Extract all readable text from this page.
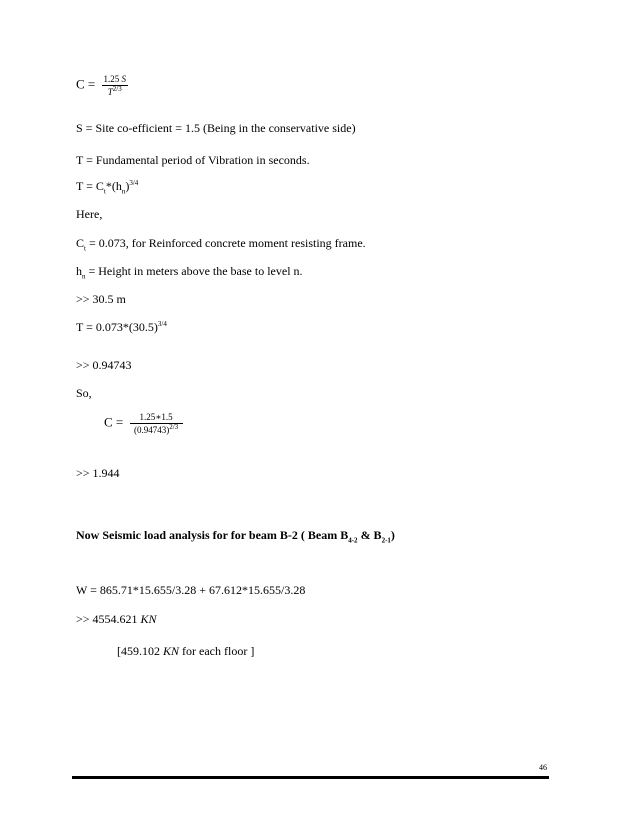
$C = \frac{1.25 S}{T^{2/3}}$
S = Site co-efficient = 1.5 (Being in the conservative side)
T = Fundamental period of Vibration in seconds.
$T = C_t*(h_n)^{3/4}$
Here,
$C_t = 0.073$, for Reinforced concrete moment resisting frame.
$h_n$ = Height in meters above the base to level n.
>> 30.5 m
$T = 0.073*(30.5)^{3/4}$
>> 0.94743
So,
$C = \frac{1.25∗1.5}{(0.94743)^{2/3}}$
>> 1.944
Now Seismic load analysis for for beam B-2 ( Beam $B_{4-2}$ & $B_{2-1}$)
W = 865.71*15.655/3.28 + 67.612*15.655/3.28
>> 4554.621 KN
[459.102 KN for each floor ]
46
